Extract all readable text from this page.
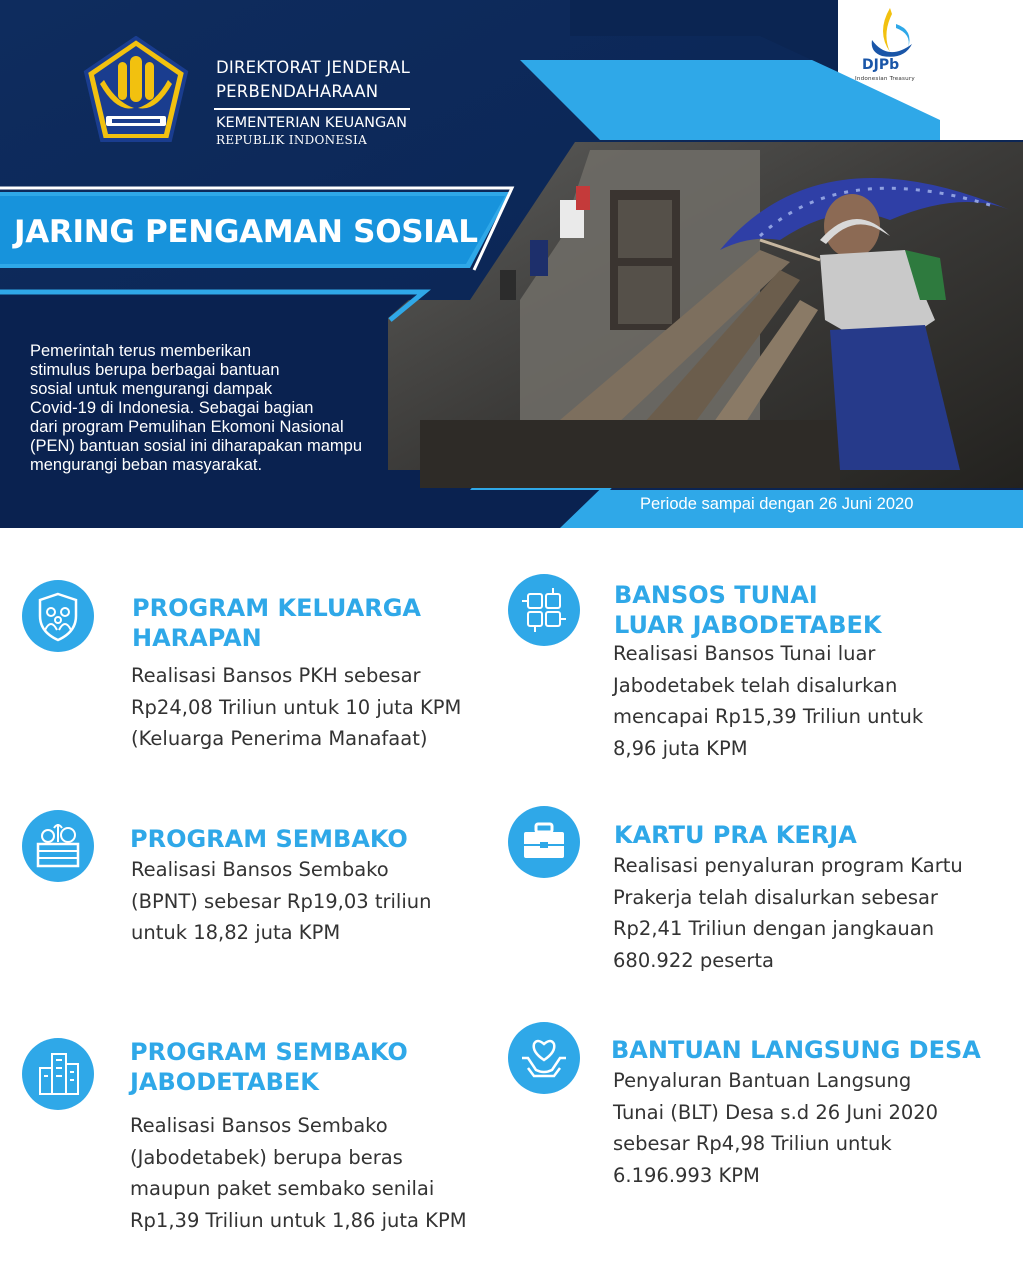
DIREKTORAT JENDERAL
PERBENDAHARAAN
KEMENTERIAN KEUANGAN
REPUBLIK INDONESIA
DJPb
Indonesian Treasury
JARING PENGAMAN SOSIAL
Pemerintah terus memberikan
stimulus berupa berbagai bantuan
sosial untuk mengurangi dampak
Covid-19 di Indonesia. Sebagai bagian
dari program Pemulihan Ekomoni Nasional
(PEN) bantuan sosial ini diharapakan mampu
mengurangi beban masyarakat.
Periode sampai dengan 26 Juni 2020
PROGRAM KELUARGA
HARAPAN
Realisasi Bansos PKH sebesar
Rp24,08 Triliun untuk 10 juta KPM
(Keluarga Penerima Manafaat)
PROGRAM SEMBAKO
Realisasi Bansos Sembako
(BPNT) sebesar Rp19,03 triliun
untuk 18,82 juta KPM
PROGRAM SEMBAKO
JABODETABEK
Realisasi Bansos Sembako
(Jabodetabek) berupa beras
maupun paket sembako senilai
Rp1,39 Triliun untuk 1,86 juta KPM
BANSOS TUNAI
LUAR JABODETABEK
Realisasi Bansos Tunai luar
Jabodetabek telah disalurkan
mencapai Rp15,39 Triliun untuk
8,96 juta KPM
KARTU PRA KERJA
Realisasi penyaluran program Kartu
Prakerja telah disalurkan sebesar
Rp2,41 Triliun dengan jangkauan
680.922 peserta
BANTUAN LANGSUNG DESA
Penyaluran Bantuan Langsung
Tunai (BLT) Desa s.d 26 Juni 2020
sebesar Rp4,98 Triliun untuk
6.196.993 KPM
